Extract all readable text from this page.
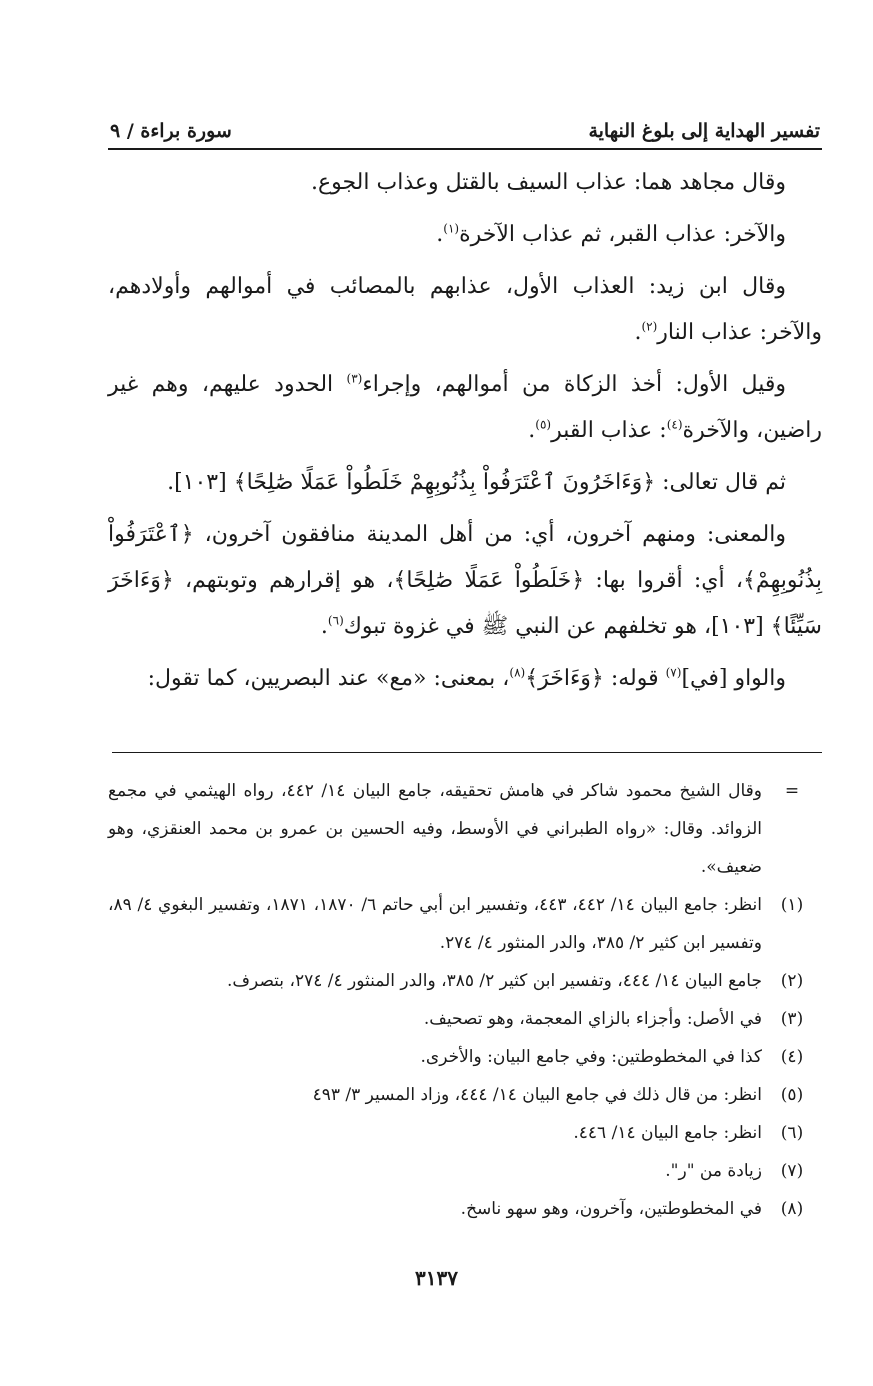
تفسير الهداية إلى بلوغ النهاية
سورة براءة / ٩

وقال مجاهد هما: عذاب السيف بالقتل وعذاب الجوع.

والآخر: عذاب القبر، ثم عذاب الآخرة$^{(١)}$.

وقال ابن زيد: العذاب الأول، عذابهم بالمصائب في أموالهم وأولادهم، والآخر: عذاب النار$^{(٢)}$.

وقيل الأول: أخذ الزكاة من أموالهم، وإجراء$^{(٣)}$ الحدود عليهم، وهم غير راضين، والآخرة$^{(٤)}$: عذاب القبر$^{(٥)}$.

ثم قال تعالى: ﴿وَءَاخَرُونَ ٱعْتَرَفُواْ بِذُنُوبِهِمْ خَلَطُواْ عَمَلًا صَٰلِحًا﴾ [١٠٣].

والمعنى: ومنهم آخرون، أي: من أهل المدينة منافقون آخرون، ﴿ٱعْتَرَفُواْ بِذُنُوبِهِمْ﴾، أي: أقروا بها: ﴿خَلَطُواْ عَمَلًا صَٰلِحًا﴾، هو إقرارهم وتوبتهم، ﴿وَءَاخَرَ سَيِّئًا﴾ [١٠٣]، هو تخلفهم عن النبي ﷺ في غزوة تبوك$^{(٦)}$.

والواو [في]$^{(٧)}$ قوله: ﴿وَءَاخَرَ﴾$^{(٨)}$، بمعنى: «مع» عند البصريين، كما تقول:

=
وقال الشيخ محمود شاكر في هامش تحقيقه، جامع البيان ١٤/ ٤٤٢، رواه الهيثمي في مجمع الزوائد. وقال: «رواه الطبراني في الأوسط، وفيه الحسين بن عمرو بن محمد العنقزي، وهو ضعيف».
(١)
انظر: جامع البيان ١٤/ ٤٤٢، ٤٤٣، وتفسير ابن أبي حاتم ٦/ ١٨٧٠، ١٨٧١، وتفسير البغوي ٤/ ٨٩، وتفسير ابن كثير ٢/ ٣٨٥، والدر المنثور ٤/ ٢٧٤.
(٢)
جامع البيان ١٤/ ٤٤٤، وتفسير ابن كثير ٢/ ٣٨٥، والدر المنثور ٤/ ٢٧٤، بتصرف.
(٣)
في الأصل: وأجزاء بالزاي المعجمة، وهو تصحيف.
(٤)
كذا في المخطوطتين: وفي جامع البيان: والأخرى.
(٥)
انظر: من قال ذلك في جامع البيان ١٤/ ٤٤٤، وزاد المسير ٣/ ٤٩٣
(٦)
انظر: جامع البيان ١٤/ ٤٤٦.
(٧)
زيادة من "ر".
(٨)
في المخطوطتين، وآخرون، وهو سهو ناسخ.
٣١٣٧
